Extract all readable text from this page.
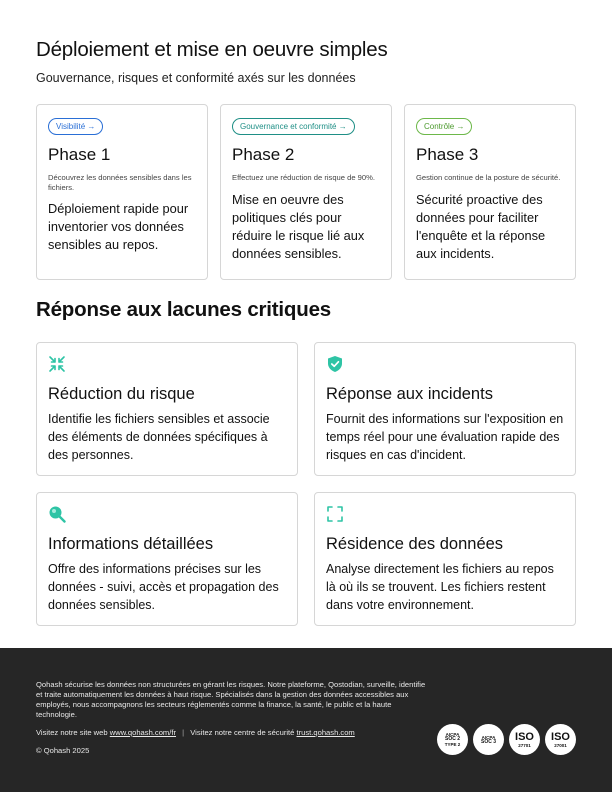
Déploiement et mise en oeuvre simples

Gouvernance, risques et conformité axés sur les données

Visibilité →
Phase 1
Découvrez les données sensibles dans les fichiers.
Déploiement rapide pour inventorier vos données sensibles au repos.
Gouvernance et conformité →
Phase 2
Effectuez une réduction de risque de 90%.
Mise en oeuvre des politiques clés pour réduire le risque lié aux données sensibles.
Contrôle →
Phase 3
Gestion continue de la posture de sécurité.
Sécurité proactive des données pour faciliter l'enquête et la réponse aux incidents.
Réponse aux lacunes critiques
Réduction du risque
Identifie les fichiers sensibles et associe des éléments de données spécifiques à des personnes.
Réponse aux incidents
Fournit des informations sur l'exposition en temps réel pour une évaluation rapide des risques en cas d'incident.
Informations détaillées
Offre des informations précises sur les données - suivi, accès et propagation des données sensibles.
Résidence des données
Analyse directement les fichiers au repos là où ils se trouvent. Les fichiers restent dans votre environnement.

Qohash sécurise les données non structurées en gérant les risques. Notre plateforme, Qostodian, surveille, identifie et traite automatiquement les données à haut risque. Spécialisés dans la gestion des données accessibles aux employés, nous accompagnons les secteurs réglementés comme la finance, la santé, le public et la haute technologie.

Visitez notre site web www.qohash.com/fr | Visitez notre centre de sécurité trust.qohash.com
© Qohash 2025
AICPA
SOC 2
TYPE 2
AICPA
SOC 3 ISO
27701
ISO
27001
